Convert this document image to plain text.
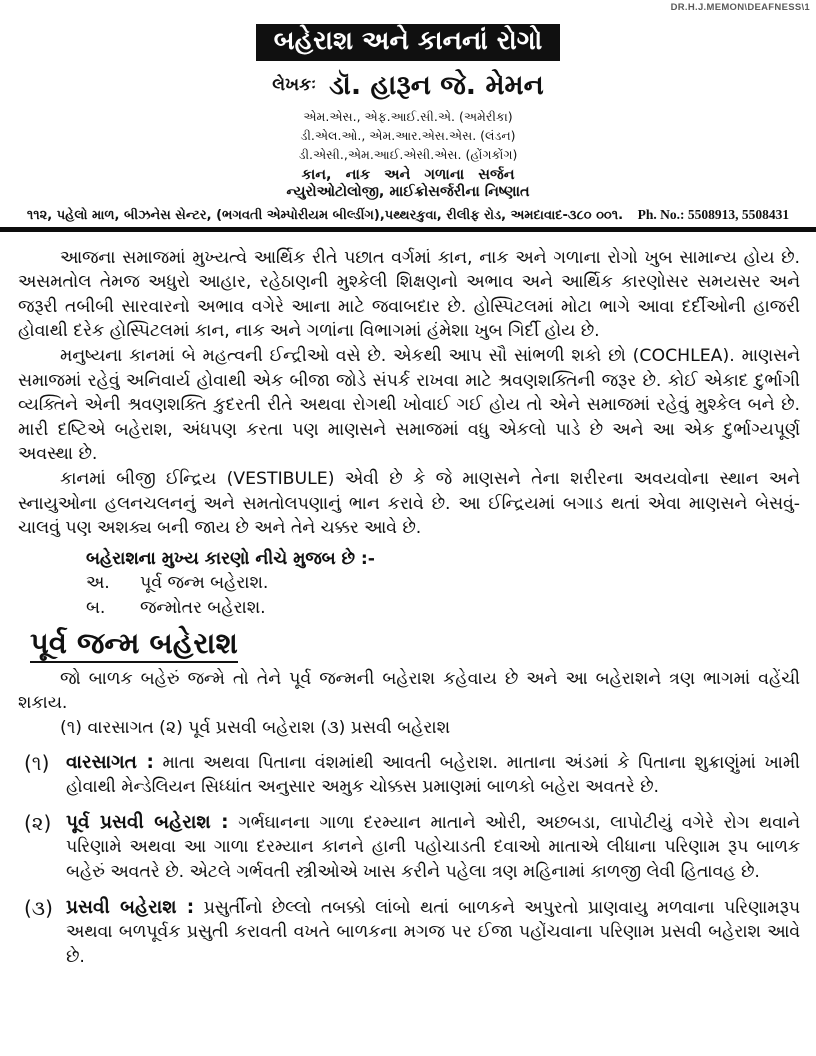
DR.H.J.MEMON\DEAFNESS\1
બહેરાશ અને કાનનાં રોગો
લેખકઃ ડૉ. હારૂન જે. મેમન
એમ.એસ., એફ.આઈ.સી.એ. (અમેરીકા)
ડી.એલ.ઓ., એમ.આર.એસ.એસ. (લંડન)
ડી.એસી.,એમ.આઈ.એસી.એસ. (હોંગકોંગ)
કાન, નાક અને ગળાના સર્જન
ન્યુરોઓટોલોજી, માઈક્રોસર્જરીના નિષ્ણાત
૧૧૨, પહેલો માળ, બીઝનેસ સેન્ટર, (ભગવતી એમ્પોરીયમ બીલ્ડીંગ),પથ્થરકુવા, રીલીફ રોડ, અમદાવાદ-૩૮૦ ૦૦૧. Ph. No.: 5508913, 5508431

આજના સમાજમાં મુખ્યત્વે આર્થિક રીતે પછાત વર્ગમાં કાન, નાક અને ગળાના રોગો ખુબ સામાન્ય હોય છે. અસમતોલ તેમજ અધુરો આહાર, રહેઠાણની મુશ્કેલી શિક્ષણનો અભાવ અને આર્થિક કારણોસર સમયસર અને જરૂરી તબીબી સારવારનો અભાવ વગેરે આના માટે જવાબદાર છે. હોસ્પિટલમાં મોટા ભાગે આવા દર્દીઓની હાજરી હોવાથી દરેક હોસ્પિટલમાં કાન, નાક અને ગળાંના વિભાગમાં હંમેશા ખુબ ગિર્દી હોય છે.

મનુષ્યના કાનમાં બે મહત્વની ઈન્દ્રીઓ વસે છે. એકથી આપ સૌ સાંભળી શકો છો (COCHLEA). માણસને સમાજમાં રહેવું અનિવાર્ય હોવાથી એક બીજા જોડે સંપર્ક રાખવા માટે શ્રવણશક્તિની જરૂર છે. કોઈ એકાદ દુર્ભાગી વ્યક્તિને એની શ્રવણશક્તિ કુદરતી રીતે અથવા રોગથી ખોવાઈ ગઈ હોય તો એને સમાજમાં રહેવું મુશ્કેલ બને છે. મારી દષ્ટિએ બહેરાશ, અંધપણ કરતા પણ માણસને સમાજમાં વધુ એકલો પાડે છે અને આ એક દુર્ભાગ્યપૂર્ણ અવસ્થા છે.

કાનમાં બીજી ઈન્દ્રિય (VESTIBULE) એવી છે કે જે માણસને તેના શરીરના અવયવોના સ્થાન અને સ્નાયુઓના હલનચલનનું અને સમતોલપણાનું ભાન કરાવે છે. આ ઈન્દ્રિયમાં બગાડ થતાં એવા માણસને બેસવું-ચાલવું પણ અશક્ય બની જાય છે અને તેને ચક્કર આવે છે.

બહેરાશના મુખ્ય કારણો નીચે મુજબ છે :-
અ.	પૂર્વ જન્મ બહેરાશ.
બ.	જન્મોતર બહેરાશ.
પૂર્વ જન્મ બહેરાશ

જો બાળક બહેરું જન્મે તો તેને પૂર્વ જન્મની બહેરાશ કહેવાય છે અને આ બહેરાશને ત્રણ ભાગમાં વહેંચી શકાય.

(૧) વારસાગત (૨) પૂર્વ પ્રસવી બહેરાશ (૩) પ્રસવી બહેરાશ
(૧) વારસાગત : માતા અથવા પિતાના વંશમાંથી આવતી બહેરાશ. માતાના અંડમાં કે પિતાના શુક્રાણુંમાં ખામી હોવાથી મેન્ડેલિયન સિધ્ધાંત અનુસાર અમુક ચોક્કસ પ્રમાણમાં બાળકો બહેરા અવતરે છે.
(૨) પૂર્વ પ્રસવી બહેરાશ : ગર્ભઘાનના ગાળા દરમ્યાન માતાને ઓરી, અછબડા, લાપોટીયું વગેરે રોગ થવાને પરિણામે અથવા આ ગાળા દરમ્યાન કાનને હાની પહોચાડતી દવાઓ માતાએ લીધાના પરિણામ રૂપ બાળક બહેરું અવતરે છે. એટલે ગર્ભવતી સ્ત્રીઓએ ખાસ કરીને પહેલા ત્રણ મહિનામાં કાળજી લેવી હિતાવહ છે.
(૩) પ્રસવી બહેરાશ : પ્રસુર્તીનો છેલ્લો તબક્કો લાંબો થતાં બાળકને અપુરતો પ્રાણવાયુ મળવાના પરિણામરૂપ અથવા બળપૂર્વક પ્રસુતી કરાવતી વખતે બાળકના મગજ પર ઈજા પહોંચવાના પરિણામ પ્રસવી બહેરાશ આવે છે.
